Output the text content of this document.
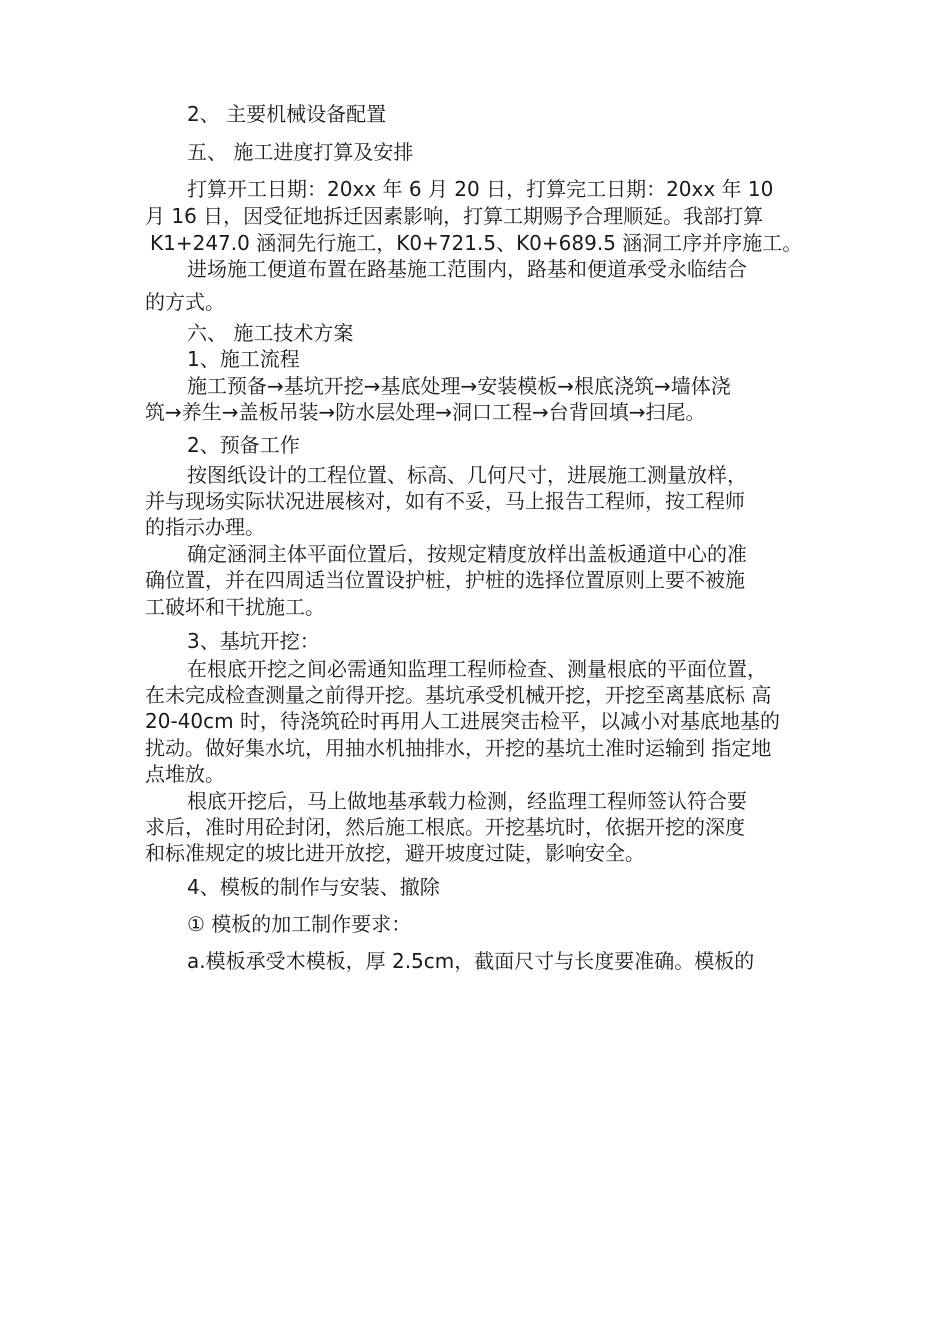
2、 主要机械设备配置
五、 施工进度打算及安排
打算开工日期：20xx 年 6 月 20 日，打算完工日期：20xx 年 10
月 16 日，因受征地拆迁因素影响，打算工期赐予合理顺延。我部打算
K1+247.0 涵洞先行施工，K0+721.5、K0+689.5 涵洞工序并序施工。
进场施工便道布置在路基施工范围内，路基和便道承受永临结合
的方式。
六、 施工技术方案
1、施工流程
施工预备→基坑开挖→基底处理→安装模板→根底浇筑→墙体浇
筑→养生→盖板吊装→防水层处理→洞口工程→台背回填→扫尾。
2、预备工作
按图纸设计的工程位置、标高、几何尺寸，进展施工测量放样，
并与现场实际状况进展核对，如有不妥，马上报告工程师，按工程师
的指示办理。
确定涵洞主体平面位置后，按规定精度放样出盖板通道中心的准
确位置，并在四周适当位置设护桩，护桩的选择位置原则上要不被施
工破坏和干扰施工。
3、基坑开挖：
在根底开挖之间必需通知监理工程师检查、测量根底的平面位置，
在未完成检查测量之前得开挖。基坑承受机械开挖，开挖至离基底标 高
20-40cm 时，待浇筑砼时再用人工进展突击检平，以减小对基底地基的
扰动。做好集水坑，用抽水机抽排水，开挖的基坑土准时运输到 指定地
点堆放。
根底开挖后，马上做地基承载力检测，经监理工程师签认符合要
求后，准时用砼封闭，然后施工根底。开挖基坑时，依据开挖的深度
和标准规定的坡比进开放挖，避开坡度过陡，影响安全。
4、模板的制作与安装、撤除
① 模板的加工制作要求：
a.模板承受木模板，厚 2.5cm，截面尺寸与长度要准确。模板的
